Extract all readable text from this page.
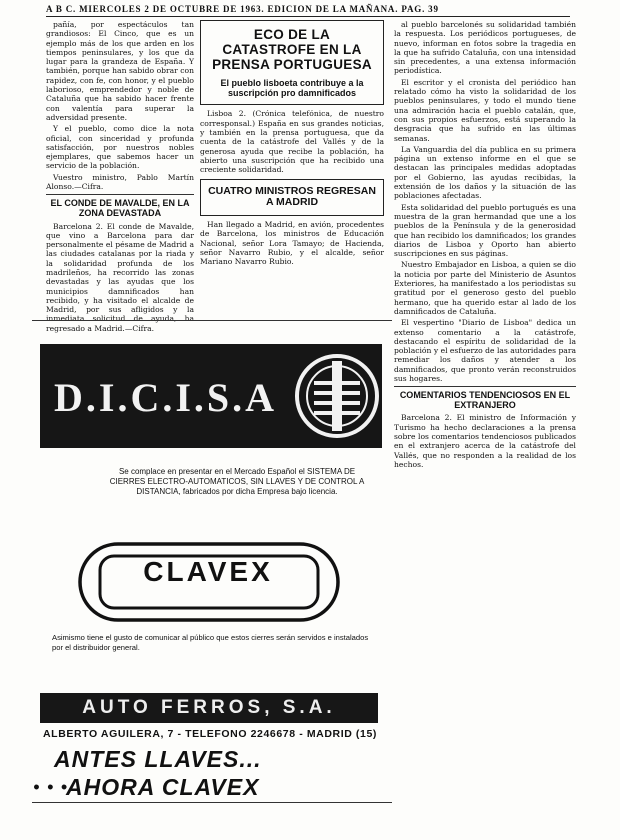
A B C. MIERCOLES 2 DE OCTUBRE DE 1963. EDICION DE LA MAÑANA. PAG. 39

pañía, por espectáculos tan grandiosos: El Cinco, que es un ejemplo más de los que arden en los tiempos peninsulares, y los que da lugar para la grandeza de España. Y también, porque han sabido obrar con rapidez, con fe, con honor, y el pueblo laborioso, emprendedor y noble de Cataluña que ha sabido hacer frente con valentía para superar la adversidad presente.

Y el pueblo, como dice la nota oficial, con sinceridad y profunda satisfacción, por nuestros nobles ejemplares, que sabemos hacer un servicio de la población.

Vuestro ministro, Pablo Martín Alonso.—Cifra.

EL CONDE DE MAVALDE, EN LA ZONA DEVASTADA

Barcelona 2. El conde de Mavalde, que vino a Barcelona para dar personalmente el pésame de Madrid a las ciudades catalanas por la riada y la solidaridad profunda de los madrileños, ha recorrido las zonas devastadas y las ayudas que los municipios damnificados han recibido, y ha visitado el alcalde de Madrid, por sus afligidos y la inmediata solicitud de ayuda, ha regresado a Madrid.—Cifra.

ECO DE LA CATASTROFE EN LA PRENSA PORTUGUESA
El pueblo lisboeta contribuye a la suscripción pro damnificados

Lisboa 2. (Crónica telefónica, de nuestro corresponsal.) España en sus grandes noticias, y también en la prensa portuguesa, que da cuenta de la catástrofe del Vallés y de la generosa ayuda que recibe la población, ha abierto una suscripción que ha recibido una creciente solidaridad.

CUATRO MINISTROS REGRESAN A MADRID

Han llegado a Madrid, en avión, procedentes de Barcelona, los ministros de Educación Nacional, señor Lora Tamayo; de Hacienda, señor Navarro Rubio, y el alcalde, señor Mariano Navarro Rubio.

al pueblo barcelonés su solidaridad también la respuesta. Los periódicos portugueses, de nuevo, informan en fotos sobre la tragedia en la que ha sufrido Cataluña, con una intensidad sin precedentes, a una extensa información periodística.

El escritor y el cronista del periódico han relatado cómo ha visto la solidaridad de los pueblos peninsulares, y todo el mundo tiene una admiración hacia el pueblo catalán, que, con sus propios esfuerzos, está superando la desgracia que ha sufrido en las últimas semanas.

La Vanguardia del día publica en su primera página un extenso informe en el que se destacan las principales medidas adoptadas por el Gobierno, las ayudas recibidas, la extensión de los daños y la situación de las poblaciones afectadas.

Esta solidaridad del pueblo portugués es una muestra de la gran hermandad que une a los pueblos de la Península y de la generosidad que han recibido los damnificados; los grandes diarios de Lisboa y Oporto han abierto suscripciones en sus páginas.

Nuestro Embajador en Lisboa, a quien se dio la noticia por parte del Ministerio de Asuntos Exteriores, ha manifestado a los periodistas su gratitud por el generoso gesto del pueblo hermano, que ha querido estar al lado de los damnificados de Cataluña.

El vespertino "Diario de Lisboa" dedica un extenso comentario a la catástrofe, destacando el espíritu de solidaridad de la población y el esfuerzo de las autoridades para remediar los daños y atender a los damnificados, que pronto verán reconstruidos sus hogares.

COMENTARIOS TENDENCIOSOS EN EL EXTRANJERO

Barcelona 2. El ministro de Información y Turismo ha hecho declaraciones a la prensa sobre los comentarios tendenciosos publicados en el extranjero acerca de la catástrofe del Vallés, que no responden a la realidad de los hechos.

D.I.C.I.S.A
Se complace en presentar en el Mercado Español el SISTEMA DE CIERRES ELECTRO-AUTOMATICOS, SIN LLAVES Y DE CONTROL A DISTANCIA, fabricados por dicha Empresa bajo licencia.
CLAVEX
Asimismo tiene el gusto de comunicar al público que estos cierres serán servidos e instalados por el distribuidor general.
AUTO FERROS, S.A.
ALBERTO AGUILERA, 7 - TELEFONO 2246678 - MADRID (15)
ANTES LLAVES...
• • •
AHORA CLAVEX
